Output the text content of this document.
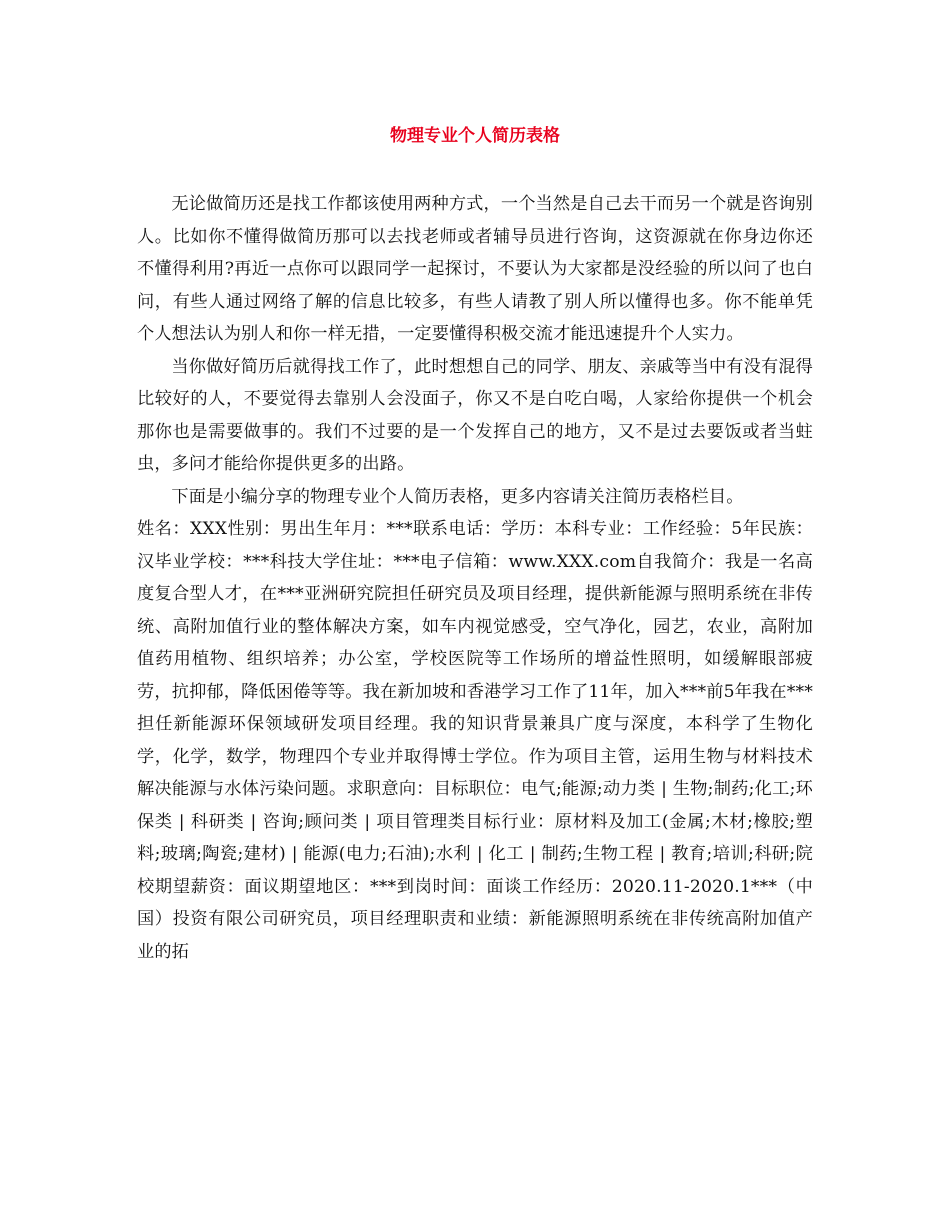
物理专业个人简历表格

无论做简历还是找工作都该使用两种方式，一个当然是自己去干而另一个就是咨询别人。比如你不懂得做简历那可以去找老师或者辅导员进行咨询，这资源就在你身边你还不懂得利用?再近一点你可以跟同学一起探讨，不要认为大家都是没经验的所以问了也白问，有些人通过网络了解的信息比较多，有些人请教了别人所以懂得也多。你不能单凭个人想法认为别人和你一样无措，一定要懂得积极交流才能迅速提升个人实力。

当你做好简历后就得找工作了，此时想想自己的同学、朋友、亲戚等当中有没有混得比较好的人，不要觉得去靠别人会没面子，你又不是白吃白喝，人家给你提供一个机会那你也是需要做事的。我们不过要的是一个发挥自己的地方，又不是过去要饭或者当蛀虫，多问才能给你提供更多的出路。

下面是小编分享的物理专业个人简历表格，更多内容请关注简历表格栏目。

姓名：XXX性别：男出生年月：***联系电话：学历：本科专业：工作经验：5年民族：汉毕业学校：***科技大学住址：***电子信箱：www.XXX.com自我简介：我是一名高度复合型人才，在***亚洲研究院担任研究员及项目经理，提供新能源与照明系统在非传统、高附加值行业的整体解决方案，如车内视觉感受，空气净化，园艺，农业，高附加值药用植物、组织培养；办公室，学校医院等工作场所的增益性照明，如缓解眼部疲劳，抗抑郁，降低困倦等等。我在新加坡和香港学习工作了11年，加入***前5年我在***担任新能源环保领域研发项目经理。我的知识背景兼具广度与深度，本科学了生物化学，化学，数学，物理四个专业并取得博士学位。作为项目主管，运用生物与材料技术解决能源与水体污染问题。求职意向：目标职位：电气;能源;动力类 | 生物;制药;化工;环保类 | 科研类 | 咨询;顾问类 | 项目管理类目标行业：原材料及加工(金属;木材;橡胶;塑料;玻璃;陶瓷;建材) | 能源(电力;石油);水利 | 化工 | 制药;生物工程 | 教育;培训;科研;院校期望薪资：面议期望地区：***到岗时间：面谈工作经历：2020.11-2020.1***（中国）投资有限公司研究员，项目经理职责和业绩：新能源照明系统在非传统高附加值产业的拓
